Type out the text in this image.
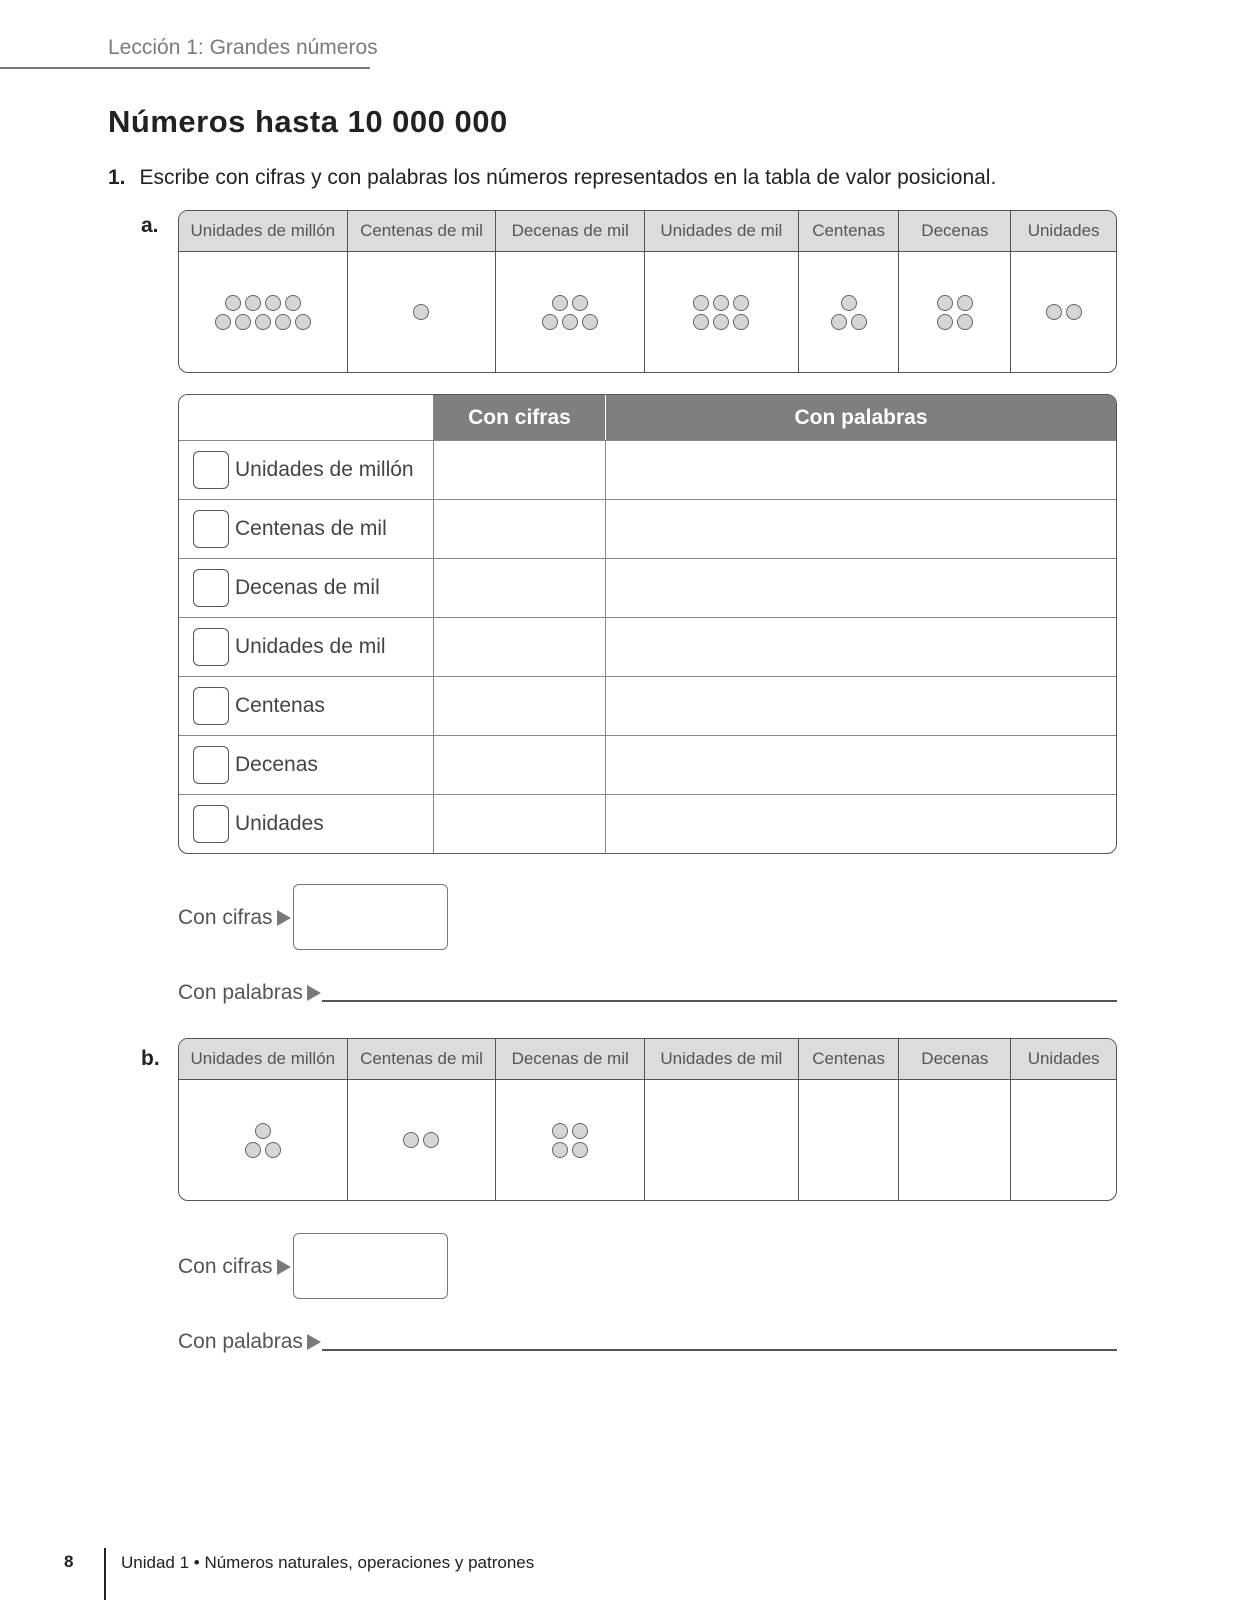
Lección 1: Grandes números
Números hasta 10 000 000
1. Escribe con cifras y con palabras los números representados en la tabla de valor posicional.
a.	Unidades de millón	Centenas de mil	Decenas de mil	Unidades de mil	Centenas	Decenas	Unidades
Con cifras	Con palabras
Unidades de millón
Centenas de mil
Decenas de mil
Unidades de mil
Centenas
Decenas
Unidades
Con cifras
Con palabras
b.	Unidades de millón	Centenas de mil	Decenas de mil	Unidades de mil	Centenas	Decenas	Unidades
Con cifras
Con palabras
8	Unidad 1 • Números naturales, operaciones y patrones
